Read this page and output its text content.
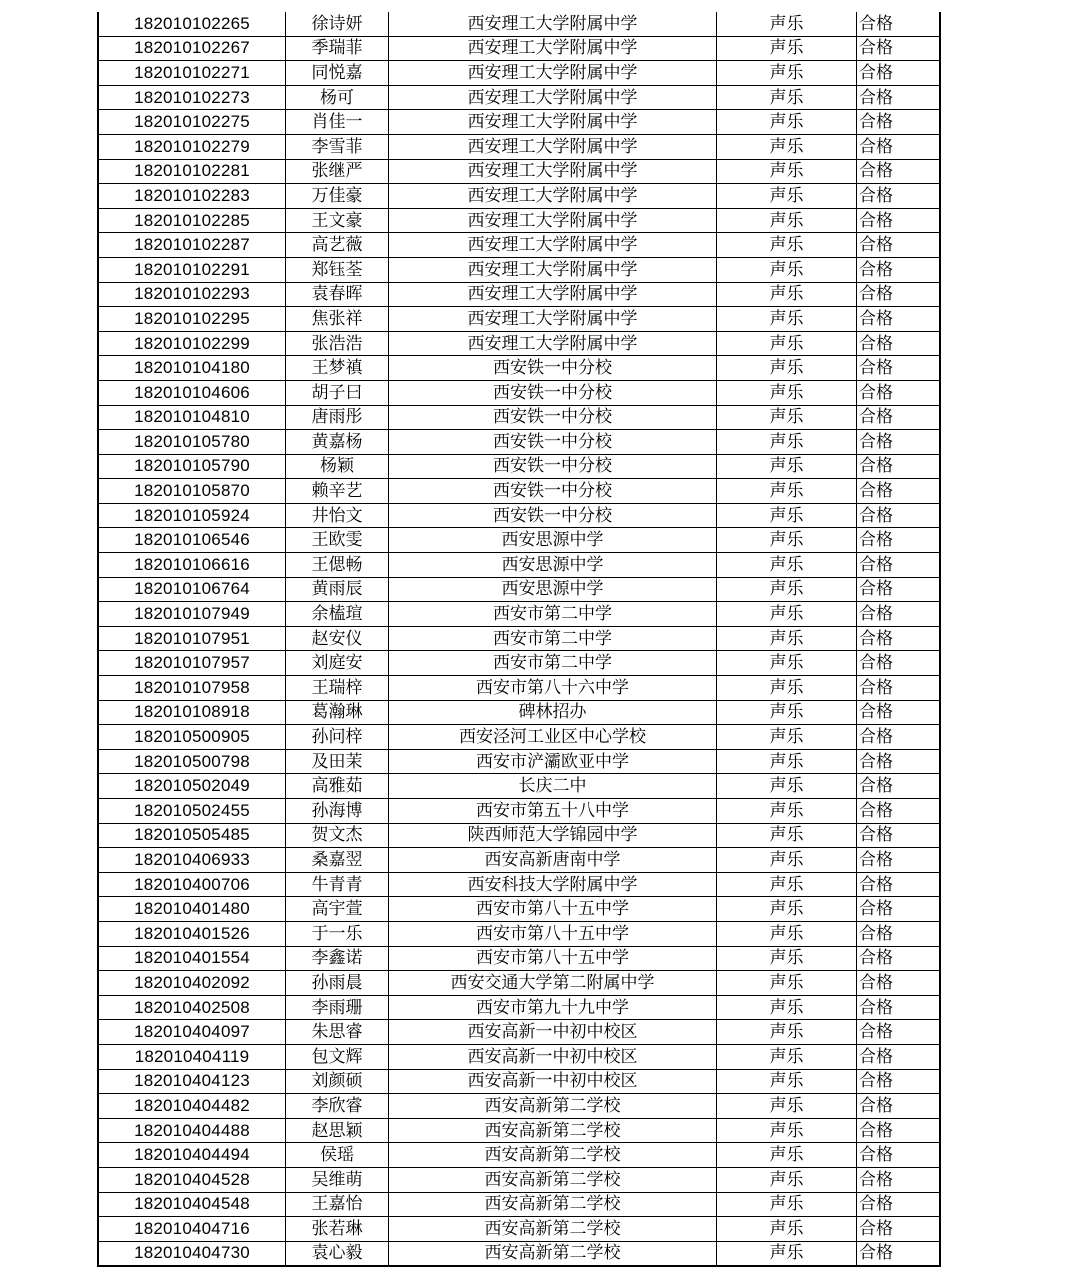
182010102265	徐诗妍	西安理工大学附属中学	声乐	合格
182010102267	季瑞菲	西安理工大学附属中学	声乐	合格
182010102271	同悦嘉	西安理工大学附属中学	声乐	合格
182010102273	杨可	西安理工大学附属中学	声乐	合格
182010102275	肖佳一	西安理工大学附属中学	声乐	合格
182010102279	李雪菲	西安理工大学附属中学	声乐	合格
182010102281	张继严	西安理工大学附属中学	声乐	合格
182010102283	万佳豪	西安理工大学附属中学	声乐	合格
182010102285	王文豪	西安理工大学附属中学	声乐	合格
182010102287	高艺薇	西安理工大学附属中学	声乐	合格
182010102291	郑钰荃	西安理工大学附属中学	声乐	合格
182010102293	袁春晖	西安理工大学附属中学	声乐	合格
182010102295	焦张祥	西安理工大学附属中学	声乐	合格
182010102299	张浩浩	西安理工大学附属中学	声乐	合格
182010104180	王梦禛	西安铁一中分校	声乐	合格
182010104606	胡子曰	西安铁一中分校	声乐	合格
182010104810	唐雨彤	西安铁一中分校	声乐	合格
182010105780	黄嘉杨	西安铁一中分校	声乐	合格
182010105790	杨颖	西安铁一中分校	声乐	合格
182010105870	赖辛艺	西安铁一中分校	声乐	合格
182010105924	井怡文	西安铁一中分校	声乐	合格
182010106546	王欧雯	西安思源中学	声乐	合格
182010106616	王偲畅	西安思源中学	声乐	合格
182010106764	黄雨辰	西安思源中学	声乐	合格
182010107949	余榼瑄	西安市第二中学	声乐	合格
182010107951	赵安仪	西安市第二中学	声乐	合格
182010107957	刘庭安	西安市第二中学	声乐	合格
182010107958	王瑞梓	西安市第八十六中学	声乐	合格
182010108918	葛瀚琳	碑林招办	声乐	合格
182010500905	孙问梓	西安泾河工业区中心学校	声乐	合格
182010500798	及田茉	西安市浐灞欧亚中学	声乐	合格
182010502049	高雅茹	长庆二中	声乐	合格
182010502455	孙海博	西安市第五十八中学	声乐	合格
182010505485	贺文杰	陕西师范大学锦园中学	声乐	合格
182010406933	桑嘉翌	西安高新唐南中学	声乐	合格
182010400706	牛青青	西安科技大学附属中学	声乐	合格
182010401480	高宇萱	西安市第八十五中学	声乐	合格
182010401526	于一乐	西安市第八十五中学	声乐	合格
182010401554	李鑫诺	西安市第八十五中学	声乐	合格
182010402092	孙雨晨	西安交通大学第二附属中学	声乐	合格
182010402508	李雨珊	西安市第九十九中学	声乐	合格
182010404097	朱思睿	西安高新一中初中校区	声乐	合格
182010404119	包文辉	西安高新一中初中校区	声乐	合格
182010404123	刘颜硕	西安高新一中初中校区	声乐	合格
182010404482	李欣睿	西安高新第二学校	声乐	合格
182010404488	赵思颖	西安高新第二学校	声乐	合格
182010404494	侯瑶	西安高新第二学校	声乐	合格
182010404528	吴维萌	西安高新第二学校	声乐	合格
182010404548	王嘉怡	西安高新第二学校	声乐	合格
182010404716	张若琳	西安高新第二学校	声乐	合格
182010404730	袁心毅	西安高新第二学校	声乐	合格
